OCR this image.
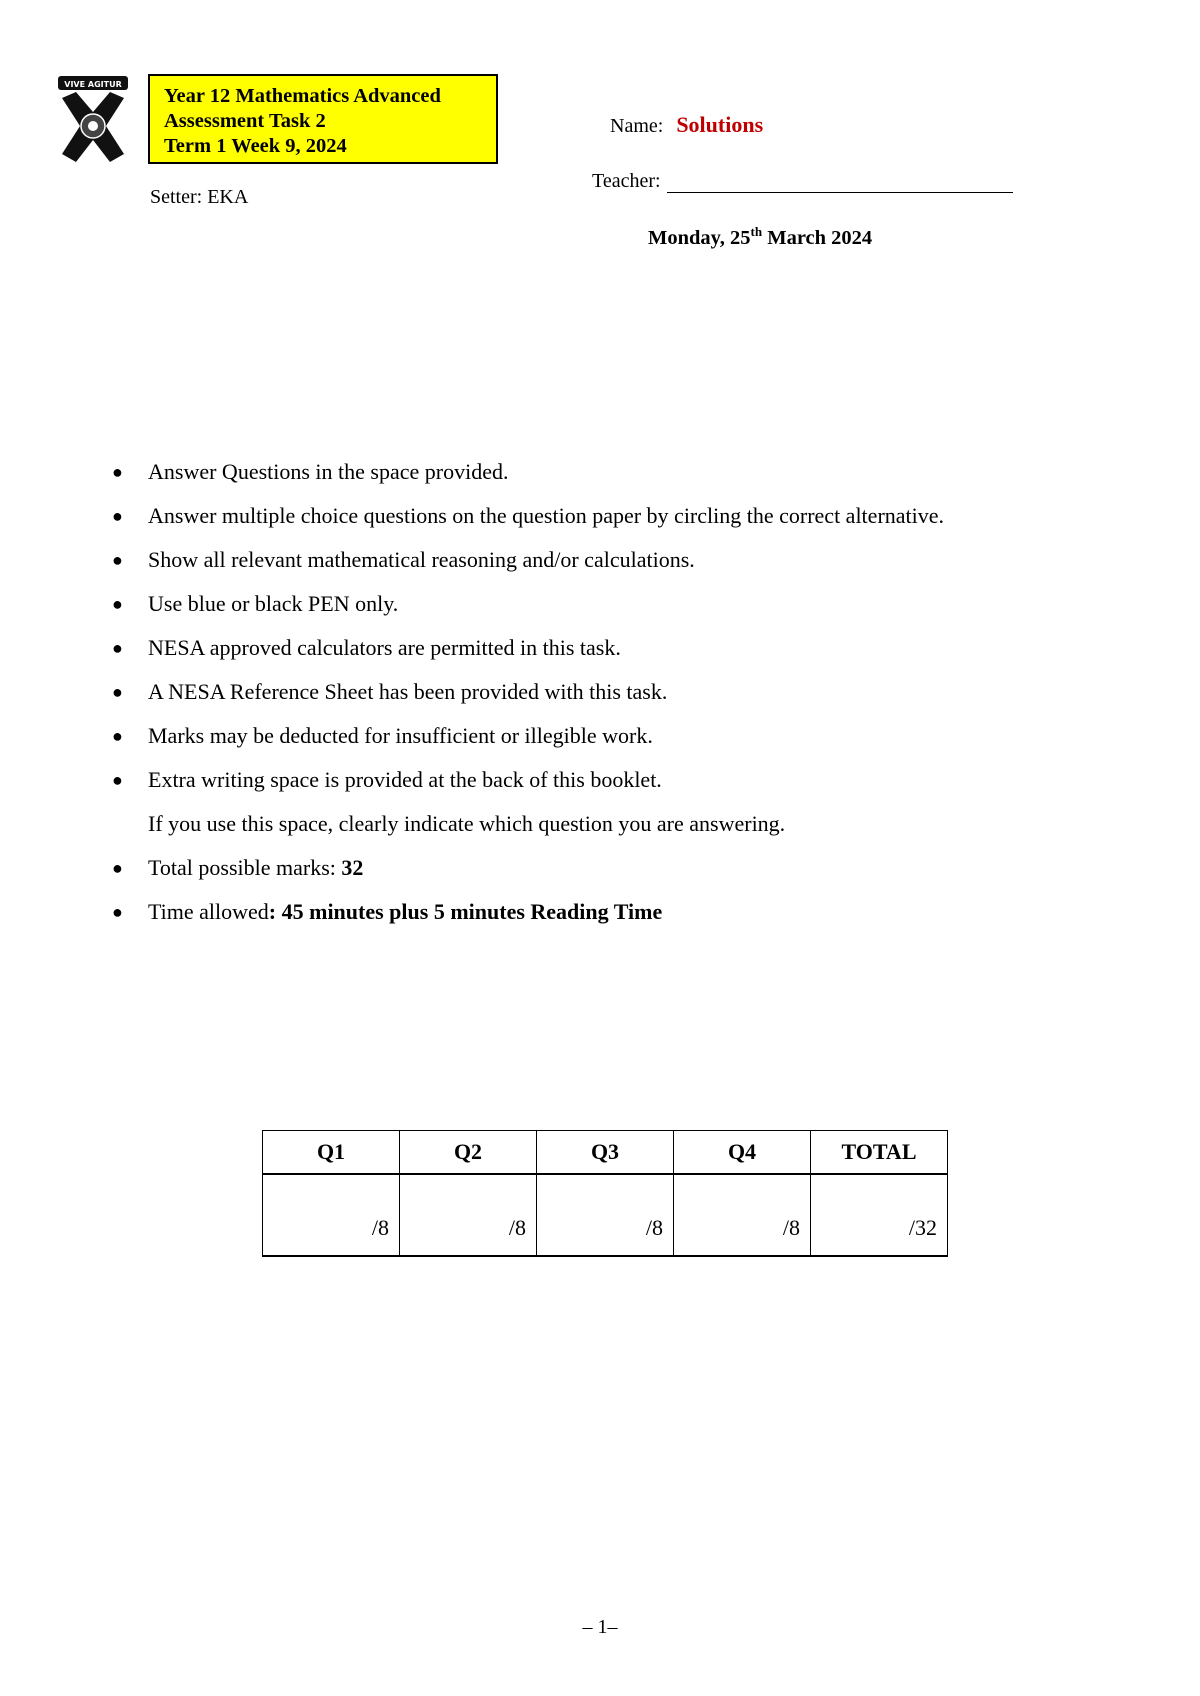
VIVE AGITUR
Year 12 Mathematics Advanced
Assessment Task 2
Term 1 Week 9, 2024
Setter: EKA
Name: Solutions
Teacher:
Monday, 25th March 2024
● Answer Questions in the space provided.
● Answer multiple choice questions on the question paper by circling the correct alternative.
● Show all relevant mathematical reasoning and/or calculations.
● Use blue or black PEN only.
● NESA approved calculators are permitted in this task.
● A NESA Reference Sheet has been provided with this task.
● Marks may be deducted for insufficient or illegible work.
● Extra writing space is provided at the back of this booklet.
If you use this space, clearly indicate which question you are answering.
● Total possible marks: 32
● Time allowed: 45 minutes plus 5 minutes Reading Time
Q1	Q2	Q3	Q4	TOTAL
/8	/8	/8	/8	/32
– 1–
